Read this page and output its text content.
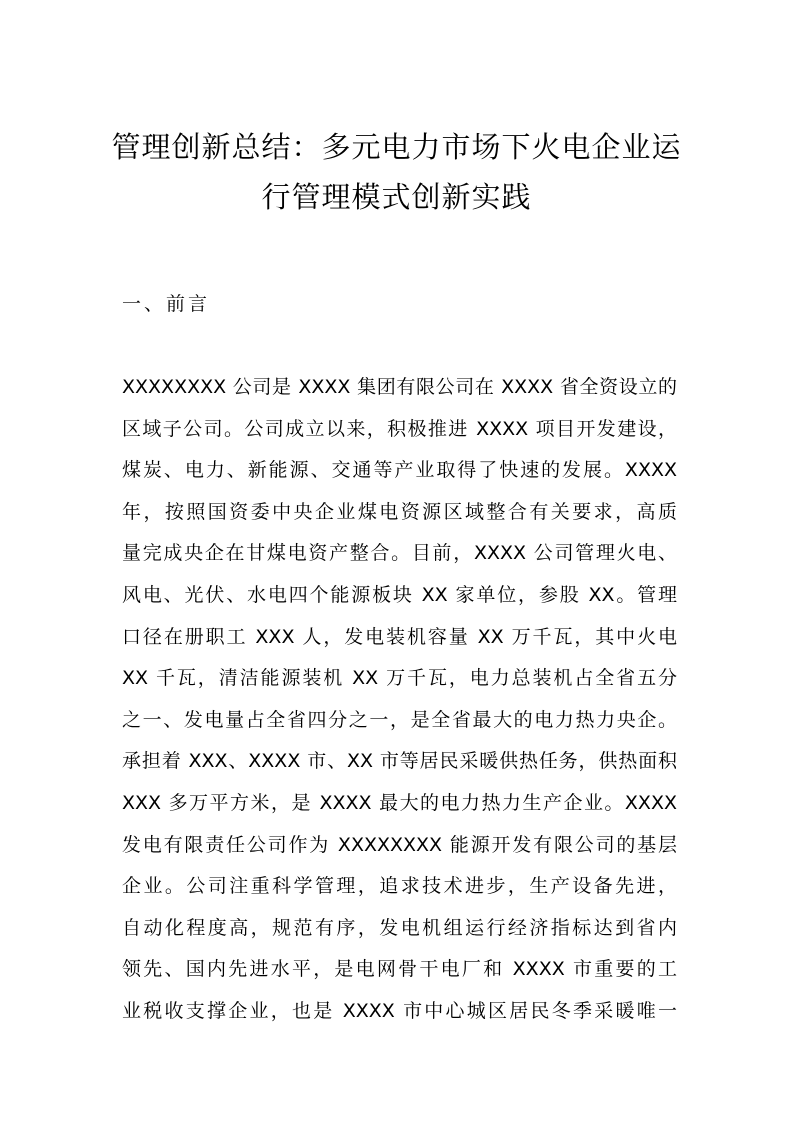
管理创新总结：多元电力市场下火电企业运
行管理模式创新实践
一、前言
XXXXXXXX 公司是 XXXX 集团有限公司在 XXXX 省全资设立的
区域子公司。公司成立以来，积极推进 XXXX 项目开发建设，
煤炭、电力、新能源、交通等产业取得了快速的发展。XXXX
年，按照国资委中央企业煤电资源区域整合有关要求，高质
量完成央企在甘煤电资产整合。目前，XXXX 公司管理火电、
风电、光伏、水电四个能源板块 XX 家单位，参股 XX。管理
口径在册职工 XXX 人，发电装机容量 XX 万千瓦，其中火电
XX 千瓦，清洁能源装机 XX 万千瓦，电力总装机占全省五分
之一、发电量占全省四分之一，是全省最大的电力热力央企。
承担着 XXX、XXXX 市、XX 市等居民采暖供热任务，供热面积
XXX 多万平方米，是 XXXX 最大的电力热力生产企业。XXXX
发电有限责任公司作为 XXXXXXXX 能源开发有限公司的基层
企业。公司注重科学管理，追求技术进步，生产设备先进，
自动化程度高，规范有序，发电机组运行经济指标达到省内
领先、国内先进水平，是电网骨干电厂和 XXXX 市重要的工
业税收支撑企业，也是 XXXX 市中心城区居民冬季采暖唯一
